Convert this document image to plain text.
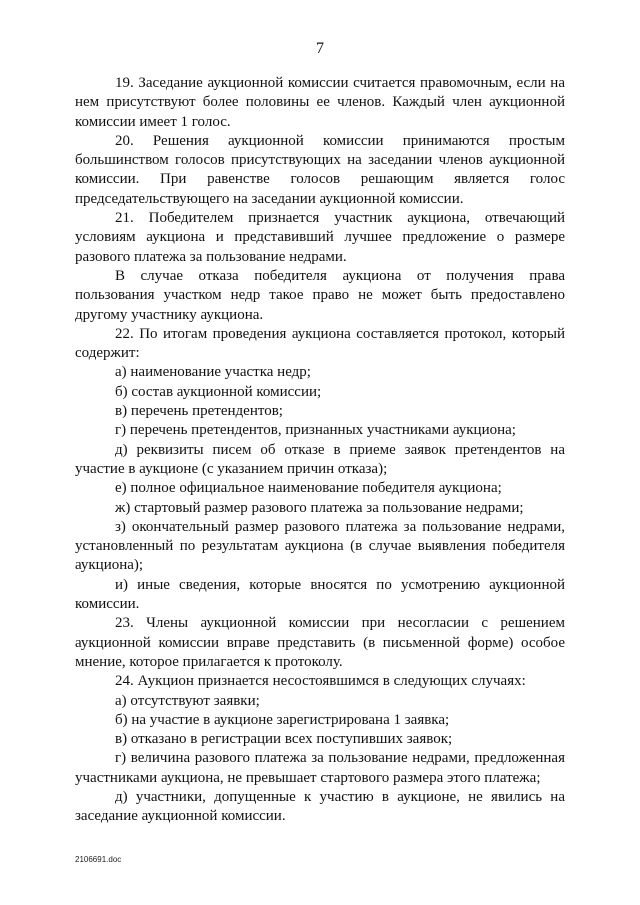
7

19. Заседание аукционной комиссии считается правомочным, если на нем присутствуют более половины ее членов. Каждый член аукционной комиссии имеет 1 голос.

20. Решения аукционной комиссии принимаются простым большинством голосов присутствующих на заседании членов аукционной комиссии. При равенстве голосов решающим является голос председательствующего на заседании аукционной комиссии.

21. Победителем признается участник аукциона, отвечающий условиям аукциона и представивший лучшее предложение о размере разового платежа за пользование недрами.

В случае отказа победителя аукциона от получения права пользования участком недр такое право не может быть предоставлено другому участнику аукциона.

22. По итогам проведения аукциона составляется протокол, который содержит:

а) наименование участка недр;

б) состав аукционной комиссии;

в) перечень претендентов;

г) перечень претендентов, признанных участниками аукциона;

д) реквизиты писем об отказе в приеме заявок претендентов на участие в аукционе (с указанием причин отказа);

е) полное официальное наименование победителя аукциона;

ж) стартовый размер разового платежа за пользование недрами;

з) окончательный размер разового платежа за пользование недрами, установленный по результатам аукциона (в случае выявления победителя аукциона);

и) иные сведения, которые вносятся по усмотрению аукционной комиссии.

23. Члены аукционной комиссии при несогласии с решением аукционной комиссии вправе представить (в письменной форме) особое мнение, которое прилагается к протоколу.

24. Аукцион признается несостоявшимся в следующих случаях:

а) отсутствуют заявки;

б) на участие в аукционе зарегистрирована 1 заявка;

в) отказано в регистрации всех поступивших заявок;

г) величина разового платежа за пользование недрами, предложенная участниками аукциона, не превышает стартового размера этого платежа;

д) участники, допущенные к участию в аукционе, не явились на заседание аукционной комиссии.

2106691.doc
